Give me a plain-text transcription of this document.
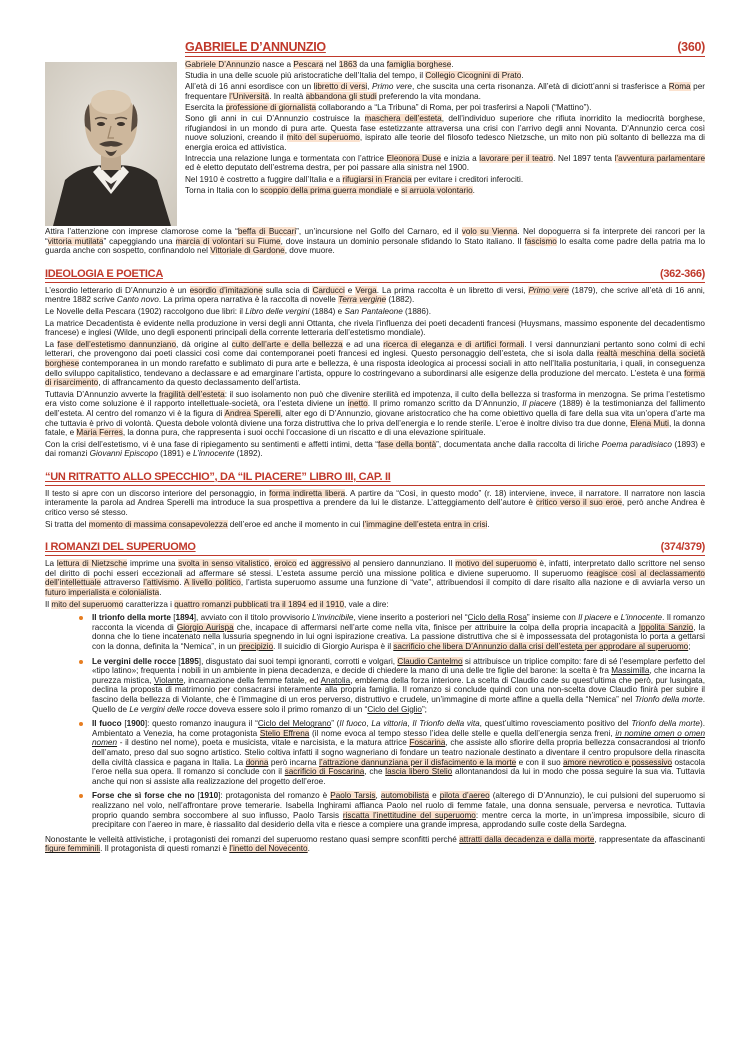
GABRIELE D’ANNUNZIO	(360)

Gabriele D’Annunzio nasce a Pescara nel 1863 da una famiglia borghese.

Studia in una delle scuole più aristocratiche dell’Italia del tempo, il Collegio Cicognini di Prato.

All’età di 16 anni esordisce con un libretto di versi, Primo vere, che suscita una certa risonanza. All’età di diciott’anni si trasferisce a Roma per frequentare l’Università. In realtà abbandona gli studi preferendo la vita mondana.

Esercita la professione di giornalista collaborando a “La Tribuna” di Roma, per poi trasferirsi a Napoli (“Mattino”).

Sono gli anni in cui D’Annunzio costruisce la maschera dell’esteta, dell’individuo superiore che rifiuta inorridito la mediocrità borghese, rifugiandosi in un mondo di pura arte. Questa fase estetizzante attraversa una crisi con l’arrivo degli anni Novanta. D’Annunzio cerca così nuove soluzioni, creando il mito del superuomo, ispirato alle teorie del filosofo tedesco Nietzsche, un mito non più soltanto di bellezza ma di energia eroica ed attivistica.

Intreccia una relazione lunga e tormentata con l’attrice Eleonora Duse e inizia a lavorare per il teatro. Nel 1897 tenta l’avventura parlamentare ed è eletto deputato dell’estrema destra, per poi passare alla sinistra nel 1900.

Nel 1910 è costretto a fuggire dall’Italia e a rifugiarsi in Francia per evitare i creditori inferociti.

Torna in Italia con lo scoppio della prima guerra mondiale e si arruola volontario.

Attira l’attenzione con imprese clamorose come la “beffa di Buccari”, un’incursione nel Golfo del Carnaro, ed il volo su Vienna. Nel dopoguerra si fa interprete dei rancori per la “vittoria mutilata” capeggiando una marcia di volontari su Fiume, dove instaura un dominio personale sfidando lo Stato italiano. Il fascismo lo esalta come padre della patria ma lo guarda anche con sospetto, confinandolo nel Vittoriale di Gardone, dove muore.

IDEOLOGIA E POETICA	(362-366)

L’esordio letterario di D’Annunzio è un esordio d’imitazione sulla scia di Carducci e Verga. La prima raccolta è un libretto di versi, Primo vere (1879), che scrive all’età di 16 anni, mentre 1882 scrive Canto novo. La prima opera narrativa è la raccolta di novelle Terra vergine (1882).

Le Novelle della Pescara (1902) raccolgono due libri: il Libro delle vergini (1884) e San Pantaleone (1886).

La matrice Decadentista è evidente nella produzione in versi degli anni Ottanta, che rivela l’influenza dei poeti decadenti francesi (Huysmans, massimo esponente del decadentismo francese) e inglesi (Wilde, uno degli esponenti principali della corrente letteraria dell’estetismo mondiale).

La fase dell’estetismo dannunziano, dà origine al culto dell’arte e della bellezza e ad una ricerca di eleganza e di artifici formali. I versi dannunziani pertanto sono colmi di echi letterari, che provengono dai poeti classici così come dai contemporanei poeti francesi ed inglesi. Questo personaggio dell’esteta, che si isola dalla realtà meschina della società borghese contemporanea in un mondo rarefatto e sublimato di pura arte e bellezza, è una risposta ideologica ai processi sociali in atto nell’Italia postunitaria, i quali, in conseguenza dello sviluppo capitalistico, tendevano a declassare e ad emarginare l’artista, oppure lo costringevano a subordinarsi alle esigenze della produzione del mercato. L’esteta è una forma di risarcimento, di affrancamento da questo declassamento dell’artista.

Tuttavia D’Annunzio avverte la fragilità dell’esteta: il suo isolamento non può che divenire sterilità ed impotenza, il culto della bellezza si trasforma in menzogna. Se prima l’estetismo era visto come soluzione è il rapporto intellettuale-società, ora l’esteta diviene un inetto. Il primo romanzo scritto da D’Annunzio, Il piacere (1889) è la testimonianza del fallimento dell’esteta. Al centro del romanzo vi è la figura di Andrea Sperelli, alter ego di D’Annunzio, giovane aristocratico che ha come obiettivo quella di fare della sua vita un’opera d’arte ma che tuttavia è privo di volontà. Questa debole volontà diviene una forza distruttiva che lo priva dell’energia e lo rende sterile. L’eroe è inoltre diviso tra due donne, Elena Muti, la donna fatale, e Maria Ferres, la donna pura, che rappresenta i suoi occhi l’occasione di un riscatto e di una elevazione spirituale.

Con la crisi dell’estetismo, vi è una fase di ripiegamento su sentimenti e affetti intimi, detta “fase della bontà”, documentata anche dalla raccolta di liriche Poema paradisiaco (1893) e dai romanzi Giovanni Episcopo (1891) e L’innocente (1892).

“UN RITRATTO ALLO SPECCHIO”, DA “IL PIACERE” LIBRO III, CAP. II

Il testo si apre con un discorso interiore del personaggio, in forma indiretta libera. A partire da “Così, in questo modo” (r. 18) interviene, invece, il narratore. Il narratore non lascia interamente la parola ad Andrea Sperelli ma introduce la sua prospettiva a prendere da lui le distanze. L’atteggiamento dell’autore è critico verso il suo eroe, però anche Andrea è critico verso sé stesso.

Si tratta del momento di massima consapevolezza dell’eroe ed anche il momento in cui l’immagine dell’esteta entra in crisi.

I ROMANZI DEL SUPERUOMO	(374/379)

La lettura di Nietzsche imprime una svolta in senso vitalistico, eroico ed aggressivo al pensiero dannunziano. Il motivo del superuomo è, infatti, interpretato dallo scrittore nel senso del diritto di pochi esseri eccezionali ad affermare sé stessi. L’esteta assume perciò una missione politica e diviene superuomo. Il superuomo reagisce così al declassamento dell’intellettuale attraverso l’attivismo. A livello politico, l’artista superuomo assume una funzione di “vate”, attribuendosi il compito di dare risalto alla nazione e di avviarla verso un futuro imperialista e colonialista.

Il mito del superuomo caratterizza i quattro romanzi pubblicati tra il 1894 ed il 1910, vale a dire:

Il trionfo della morte [1894], avviato con il titolo provvisorio L’invincibile, viene inserito a posteriori nel “Ciclo della Rosa” insieme con Il piacere e L’innocente. Il romanzo racconta la vicenda di Giorgio Aurispa che, incapace di affermarsi nell’arte come nella vita, finisce per attribuire la colpa della propria incapacità a Ippolita Sanzio, la donna che lo tiene incatenato nella lussuria spegnendo in lui ogni ispirazione creativa. La passione distruttiva che si è impossessata del protagonista lo porta a gettarsi con la donna, definita la “Nemica”, in un precipizio. Il suicidio di Giorgio Aurispa è il sacrificio che libera D’Annunzio dalla crisi dell’esteta per approdare al superuomo;
Le vergini delle rocce [1895], disgustato dai suoi tempi ignoranti, corrotti e volgari, Claudio Cantelmo si attribuisce un triplice compito: fare di sé l’esemplare perfetto del «tipo latino»; frequenta i nobili in un ambiente in piena decadenza, e decide di chiedere la mano di una delle tre figlie del barone: la scelta è fra Massimilla, che incarna la purezza mistica, Violante, incarnazione della femme fatale, ed Anatolia, emblema della forza interiore. La scelta di Claudio cade su quest’ultima che però, pur lusingata, declina la proposta di matrimonio per consacrarsi interamente alla propria famiglia. Il romanzo si conclude quindi con una non-scelta dove Claudio finirà per subire il fascino della bellezza di Violante, che è l’immagine di un eros perverso, distruttivo e crudele, un’immagine di morte affine a quella della “Nemica” nel Trionfo della morte. Quello de Le vergini delle rocce doveva essere solo il primo romanzo di un “Ciclo del Giglio”;
Il fuoco [1900]: questo romanzo inaugura il “Ciclo del Melograno” (Il fuoco, La vittoria, Il Trionfo della vita, quest’ultimo rovesciamento positivo del Trionfo della morte). Ambientato a Venezia, ha come protagonista Stelio Effrena (il nome evoca al tempo stesso l’idea delle stelle e quella dell’energia senza freni, in nomine omen o omen nomen - il destino nel nome), poeta e musicista, vitale e narcisista, e la matura attrice Foscarina, che assiste allo sfiorire della propria bellezza consacrandosi al trionfo dell’amato, preso dal suo sogno artistico. Stelio coltiva infatti il sogno wagneriano di fondare un teatro nazionale destinato a diventare il centro propulsore della rinascita della civiltà classica e pagana in Italia. La donna però incarna l’attrazione dannunziana per il disfacimento e la morte e con il suo amore nevrotico e possessivo ostacola l’eroe nella sua opera. Il romanzo si conclude con il sacrificio di Foscarina, che lascia libero Stelio allontanandosi da lui in modo che possa seguire la sua via. Tuttavia anche qui non si assiste alla realizzazione del progetto dell’eroe.
Forse che sì forse che no [1910]: protagonista del romanzo è Paolo Tarsis, automobilista e pilota d’aereo (alterego di D’Annunzio), le cui pulsioni del superuomo si realizzano nel volo, nell’affrontare prove temerarie. Isabella Inghirami affianca Paolo nel ruolo di femme fatale, una donna sensuale, perversa e nevrotica. Tuttavia proprio quando sembra soccombere al suo influsso, Paolo Tarsis riscatta l’inettitudine del superuomo: mentre cerca la morte, in un’impresa impossibile, sicuro di precipitare con l’aereo in mare, è riassalito dal desiderio della vita e riesce a compiere una grande impresa, approdando sulle coste della Sardegna.

Nonostante le velleità attivistiche, i protagonisti dei romanzi del superuomo restano quasi sempre sconfitti perché attratti dalla decadenza e dalla morte, rappresentate da affascinanti figure femminili. Il protagonista di questi romanzi è l’inetto del Novecento.
